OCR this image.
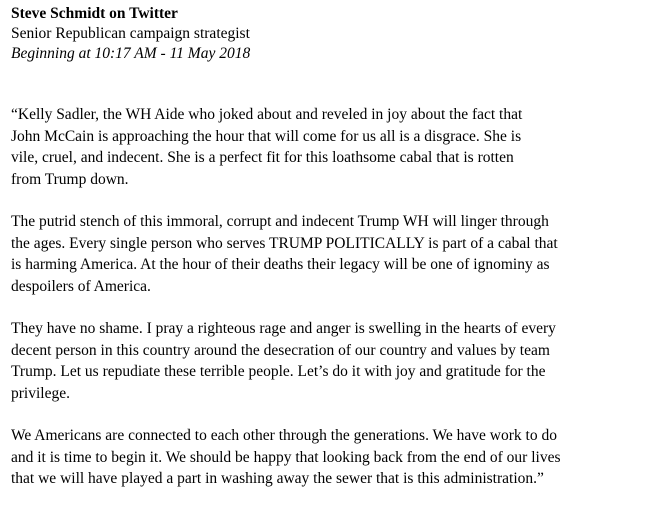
Steve Schmidt on Twitter
Senior Republican campaign strategist
Beginning at 10:17 AM - 11 May 2018

“Kelly Sadler, the WH Aide who joked about and reveled in joy about the fact that
John McCain is approaching the hour that will come for us all is a disgrace. She is
vile, cruel, and indecent. She is a perfect fit for this loathsome cabal that is rotten
from Trump down.

The putrid stench of this immoral, corrupt and indecent Trump WH will linger through
the ages. Every single person who serves TRUMP POLITICALLY is part of a cabal that
is harming America. At the hour of their deaths their legacy will be one of ignominy as
despoilers of America.

They have no shame. I pray a righteous rage and anger is swelling in the hearts of every
decent person in this country around the desecration of our country and values by team
Trump. Let us repudiate these terrible people. Let’s do it with joy and gratitude for the
privilege.

We Americans are connected to each other through the generations. We have work to do
and it is time to begin it. We should be happy that looking back from the end of our lives
that we will have played a part in washing away the sewer that is this administration.”
